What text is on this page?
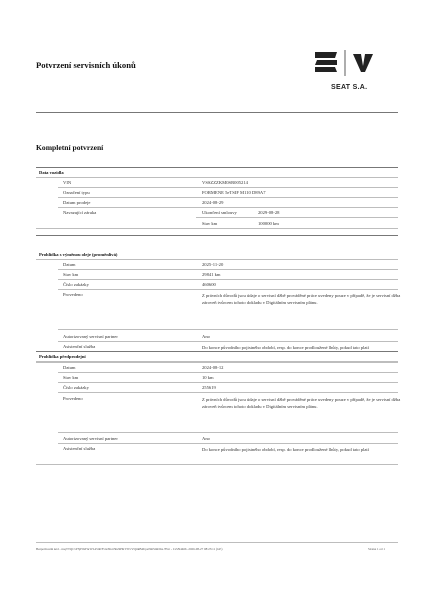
Potvrzení servisních úkonů
SEAT S.A.
Kompletní potvrzení
Data vozidla
VIN	VSSZZZKM0SR005214
Označení typu	FORMENE 5eTSIF M110 D89A7
Datum prodeje	2024-08-29
Navazující záruka	Ukončení smlouvy	2029-08-28
Stav km	100000 km
Prohlídka s výměnou oleje (proměnlivá)
Datum	2025-11-20
Stav km	29841 km
Číslo zakázky	460600
Provedeno	Z právních důvodů jsou údaje o servisní džbě prováděné práce uvedeny pouze v případě, že je servisní džba zároveň tvůrcem tohoto dokladu v Digitálním servisním plánu.
Autorizovaný servisní partner	Ano
Asistenční služba	Do konce původního pojistného období, resp. do konce prodloužené lhůty, pokud tato platí
Prohlídka předprodejní
Datum	2024-08-12
Stav km	10 km
Číslo zakázky	255619
Provedeno	Z právních důvodů jsou údaje o servisní džbě prováděné práce uvedeny pouze v případě, že je servisní džba zároveň tvůrcem tohoto dokladu v Digitálním servisním plánu.
Autorizovaný servisní partner	Ano
Asistenční služba	Do konce původního pojistného období, resp. do konce prodloužené lhůty, pokud tato platí
Bezpečnostní kód - naqTTQCvP5jP0xFnrWL45iR/Fvnr3Kzt5h2iiHtrVWcVQiikB4UpeNmSmDIA.7Pnc - CZ294466 -2026-08-27 08:23:11 (GE)	Strana 1 od 1
